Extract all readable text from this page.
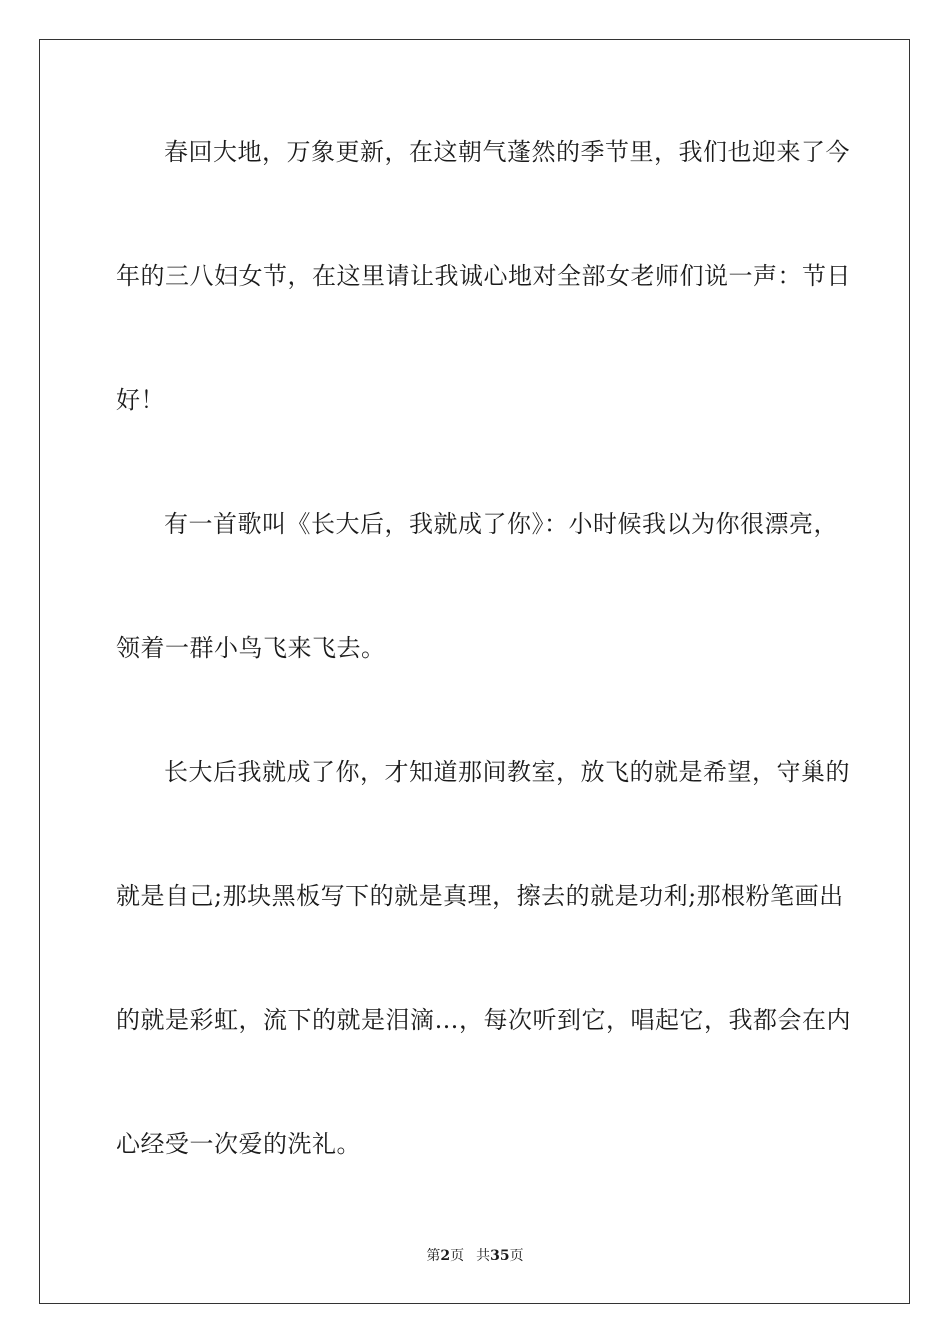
春回大地，万象更新，在这朝气蓬然的季节里，我们也迎来了今
年的三八妇女节，在这里请让我诚心地对全部女老师们说一声：节日
好！
有一首歌叫《长大后，我就成了你》：小时候我以为你很漂亮，
领着一群小鸟飞来飞去。
长大后我就成了你，才知道那间教室，放飞的就是希望，守巢的
就是自己;那块黑板写下的就是真理，擦去的就是功利;那根粉笔画出
的就是彩虹，流下的就是泪滴…，每次听到它，唱起它，我都会在内
心经受一次爱的洗礼。
第2页 共35页
